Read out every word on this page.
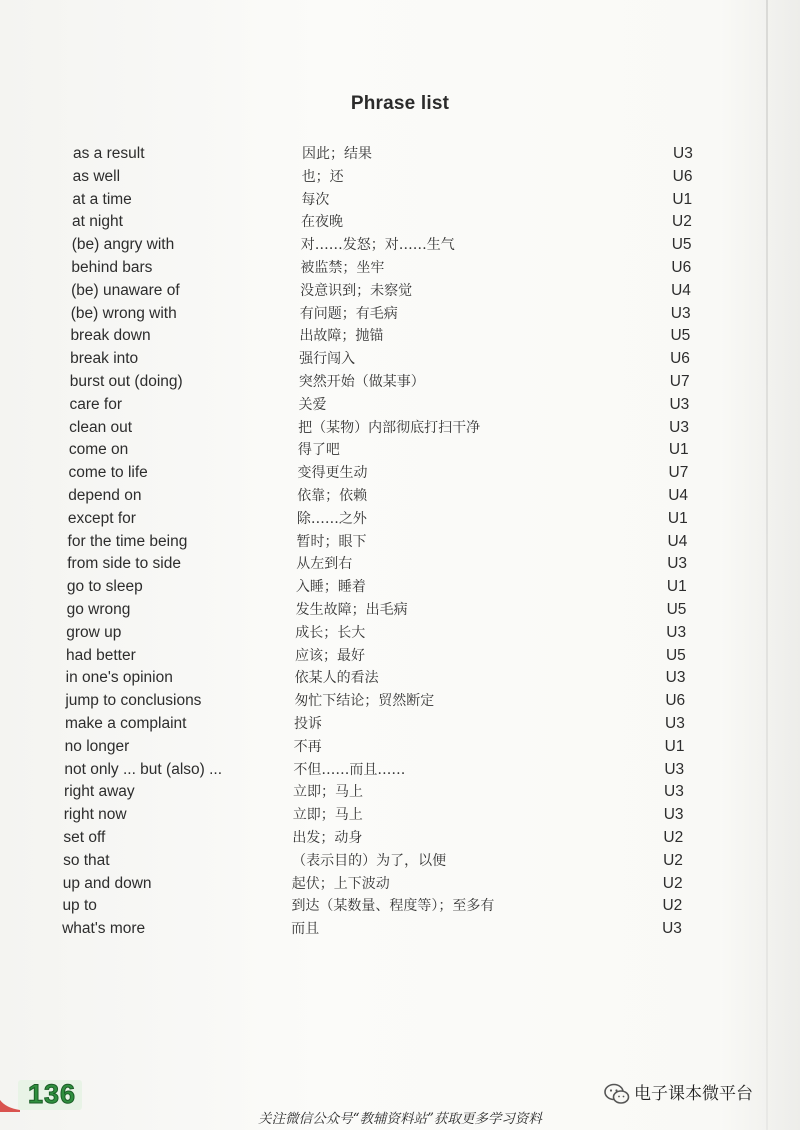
Phrase list
as a result	因此；结果	U3
as well	也；还	U6
at a time	每次	U1
at night	在夜晚	U2
(be) angry with	对……发怒；对……生气	U5
behind bars	被监禁；坐牢	U6
(be) unaware of	没意识到；未察觉	U4
(be) wrong with	有问题；有毛病	U3
break down	出故障；抛锚	U5
break into	强行闯入	U6
burst out (doing)	突然开始（做某事）	U7
care for	关爱	U3
clean out	把（某物）内部彻底打扫干净	U3
come on	得了吧	U1
come to life	变得更生动	U7
depend on	依靠；依赖	U4
except for	除……之外	U1
for the time being	暂时；眼下	U4
from side to side	从左到右	U3
go to sleep	入睡；睡着	U1
go wrong	发生故障；出毛病	U5
grow up	成长；长大	U3
had better	应该；最好	U5
in one's opinion	依某人的看法	U3
jump to conclusions	匆忙下结论；贸然断定	U6
make a complaint	投诉	U3
no longer	不再	U1
not only ... but (also) ...	不但……而且……	U3
right away	立即；马上	U3
right now	立即；马上	U3
set off	出发；动身	U2
so that	（表示目的）为了，以便	U2
up and down	起伏；上下波动	U2
up to	到达（某数量、程度等）；至多有	U2
what's more	而且	U3
136	电子课本微平台
关注微信公众号“教辅资料站”获取更多学习资料
